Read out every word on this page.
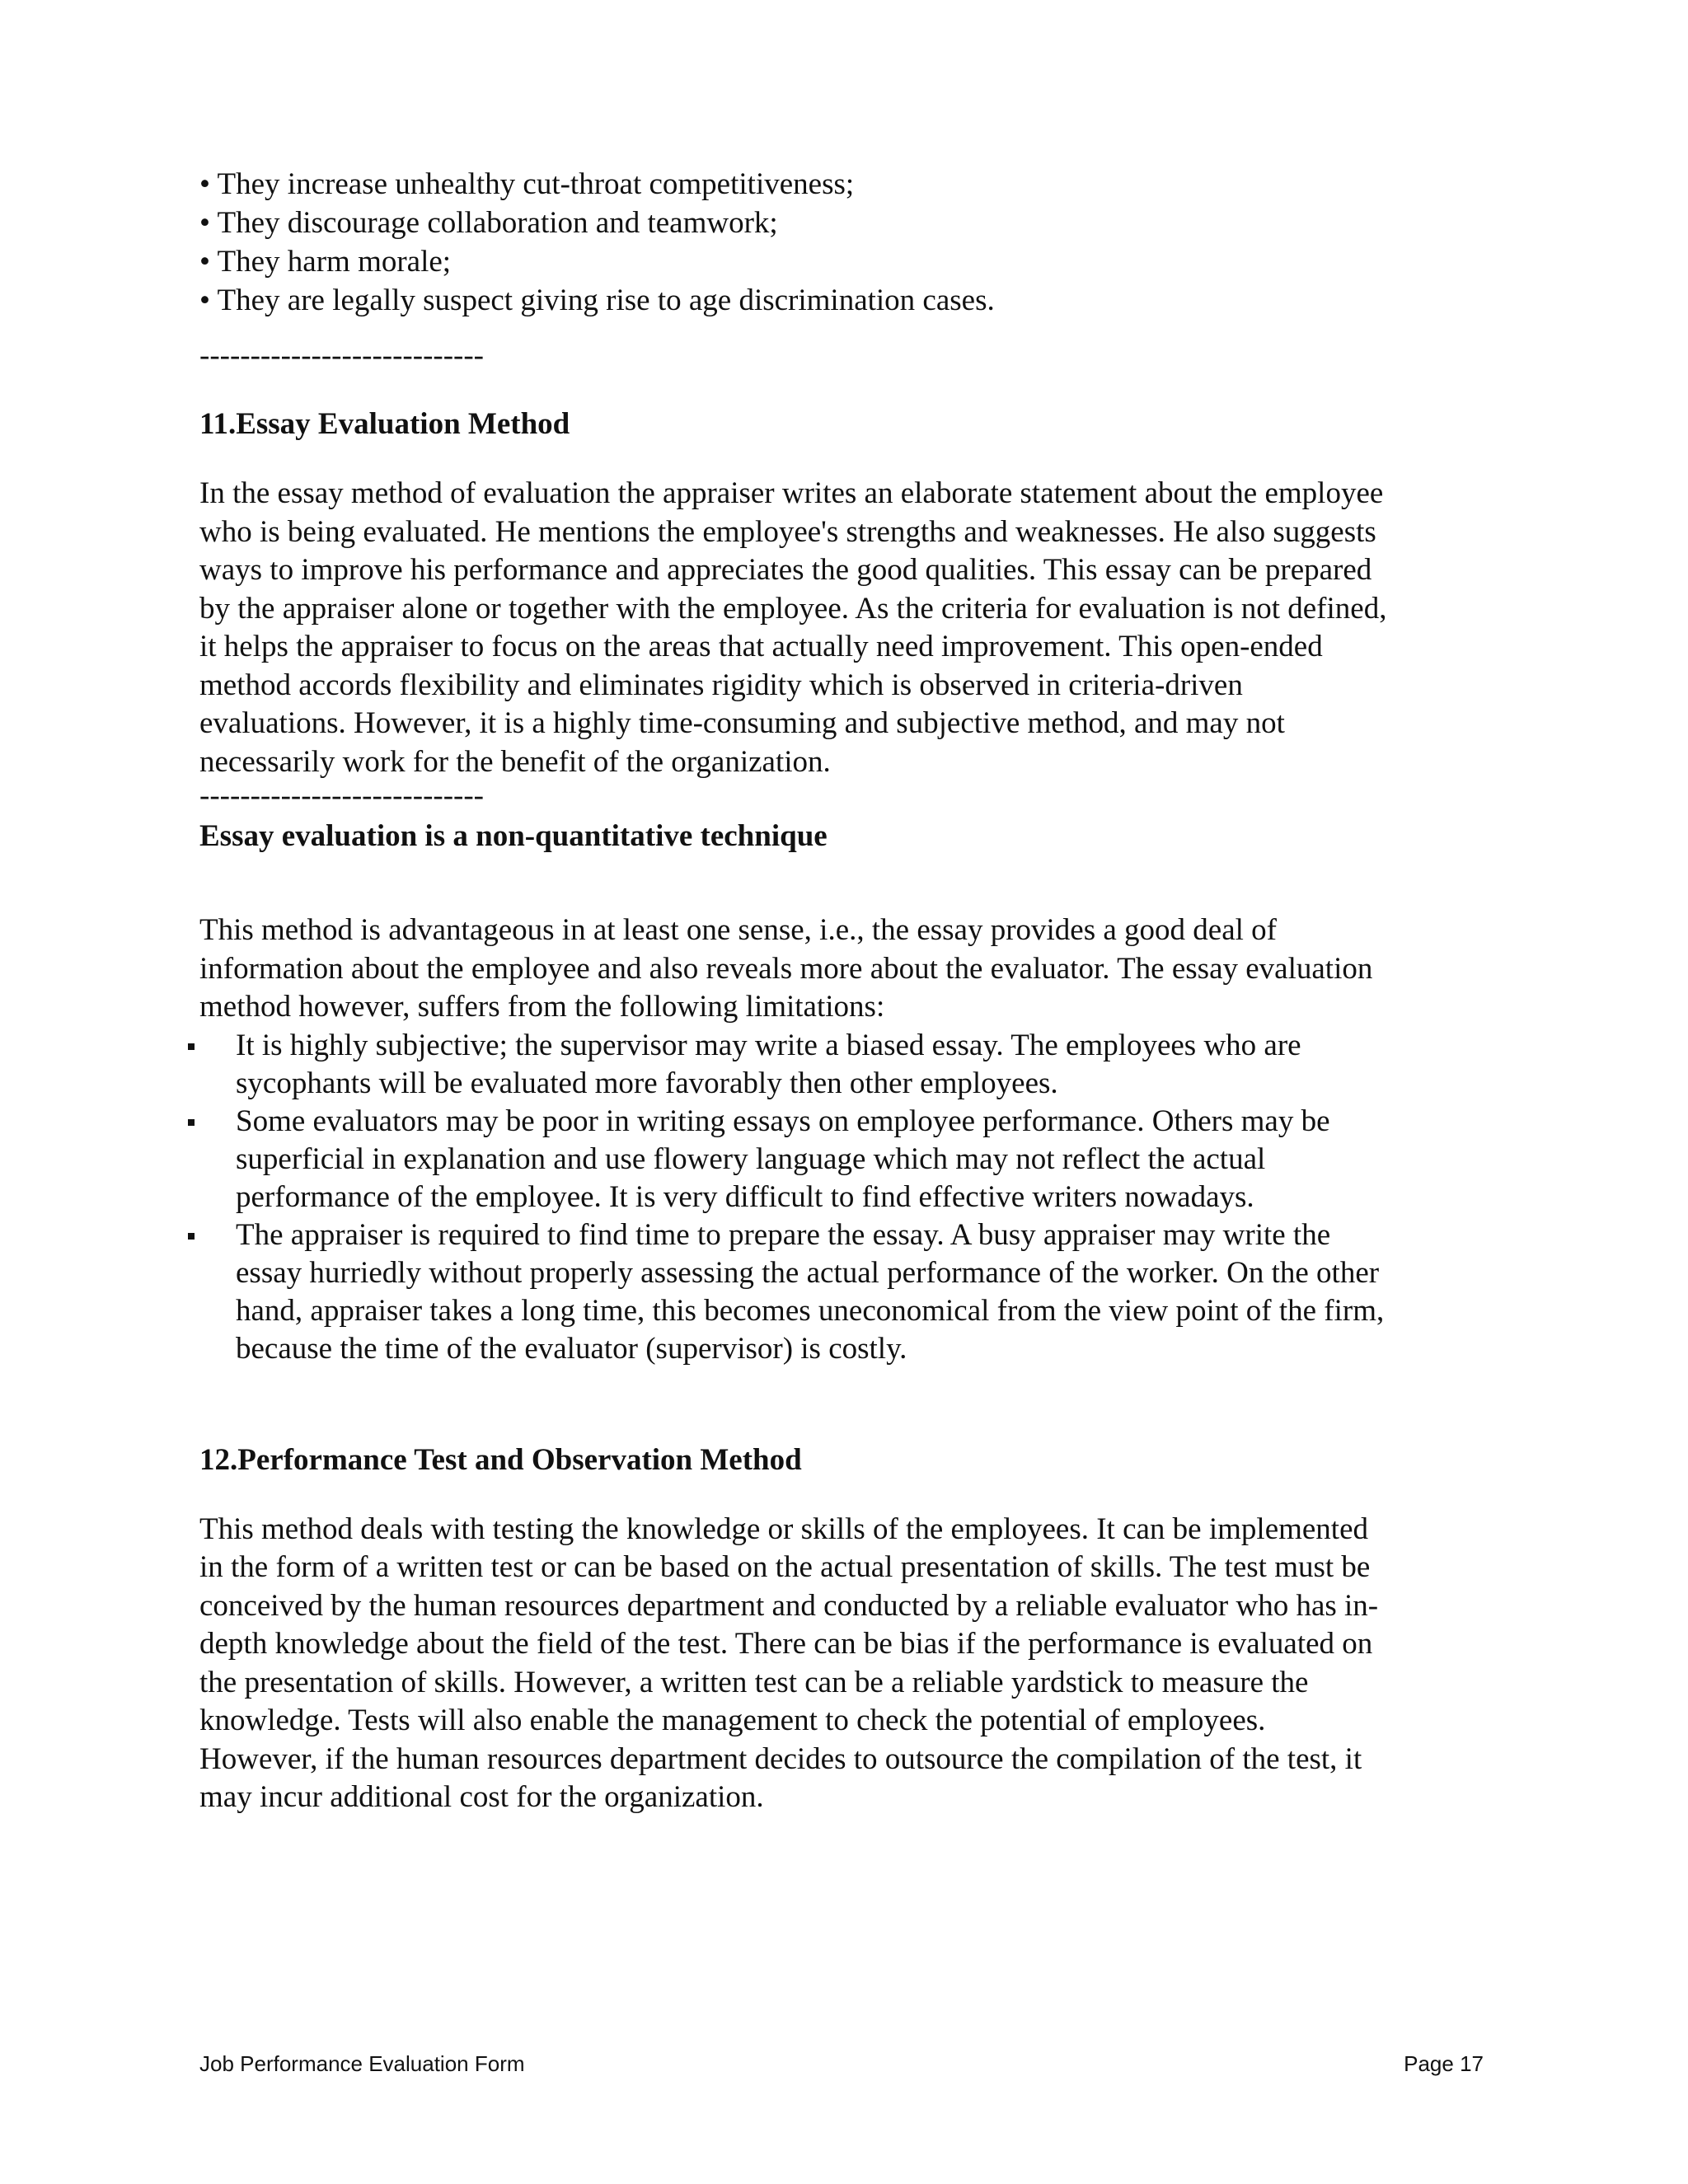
• They increase unhealthy cut-throat competitiveness;
• They discourage collaboration and teamwork;
• They harm morale;
• They are legally suspect giving rise to age discrimination cases.
----------------------------
11.Essay Evaluation Method
In the essay method of evaluation the appraiser writes an elaborate statement about the employee
who is being evaluated. He mentions the employee's strengths and weaknesses. He also suggests
ways to improve his performance and appreciates the good qualities. This essay can be prepared
by the appraiser alone or together with the employee. As the criteria for evaluation is not defined,
it helps the appraiser to focus on the areas that actually need improvement. This open-ended
method accords flexibility and eliminates rigidity which is observed in criteria-driven
evaluations. However, it is a highly time-consuming and subjective method, and may not
necessarily work for the benefit of the organization.
----------------------------
Essay evaluation is a non-quantitative technique
This method is advantageous in at least one sense, i.e., the essay provides a good deal of
information about the employee and also reveals more about the evaluator. The essay evaluation
method however, suffers from the following limitations:
It is highly subjective; the supervisor may write a biased essay. The employees who are
sycophants will be evaluated more favorably then other employees.
Some evaluators may be poor in writing essays on employee performance. Others may be
superficial in explanation and use flowery language which may not reflect the actual
performance of the employee. It is very difficult to find effective writers nowadays.
The appraiser is required to find time to prepare the essay. A busy appraiser may write the
essay hurriedly without properly assessing the actual performance of the worker. On the other
hand, appraiser takes a long time, this becomes uneconomical from the view point of the firm,
because the time of the evaluator (supervisor) is costly.
12.Performance Test and Observation Method
This method deals with testing the knowledge or skills of the employees. It can be implemented
in the form of a written test or can be based on the actual presentation of skills. The test must be
conceived by the human resources department and conducted by a reliable evaluator who has in-
depth knowledge about the field of the test. There can be bias if the performance is evaluated on
the presentation of skills. However, a written test can be a reliable yardstick to measure the
knowledge. Tests will also enable the management to check the potential of employees.
However, if the human resources department decides to outsource the compilation of the test, it
may incur additional cost for the organization.
Job Performance Evaluation Form	Page 17
